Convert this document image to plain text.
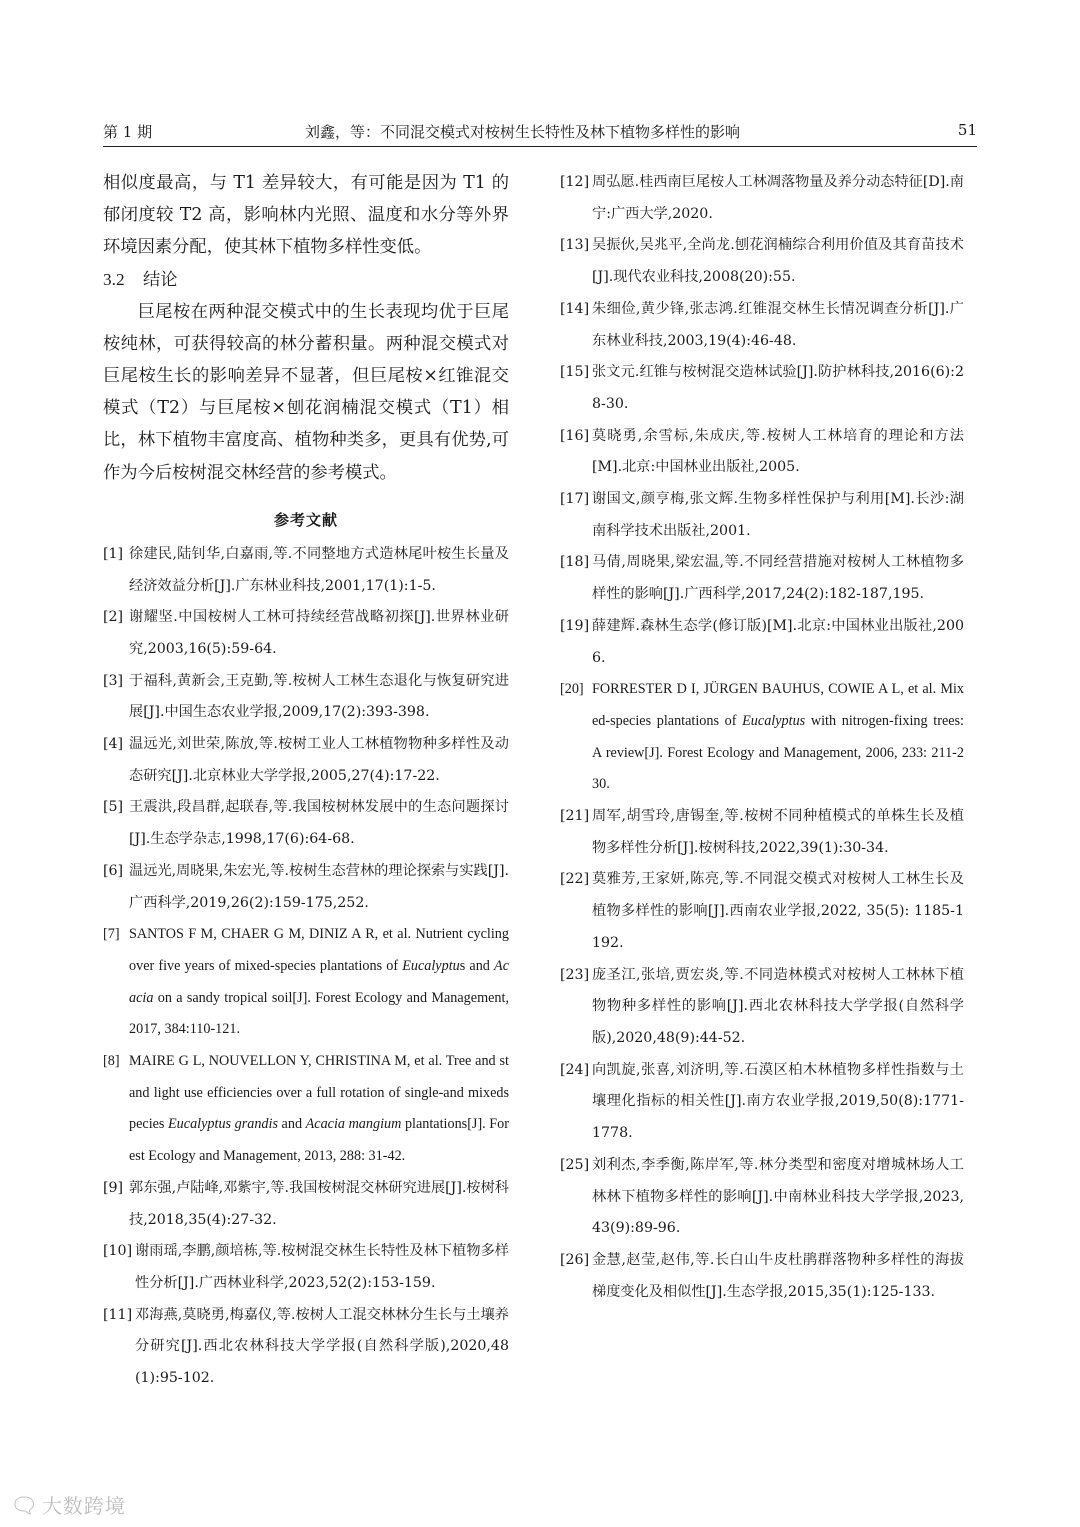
第 1 期	刘鑫，等：不同混交模式对桉树生长特性及林下植物多样性的影响	51

相似度最高，与 T1 差异较大，有可能是因为 T1 的郁闭度较 T2 高，影响林内光照、温度和水分等外界环境因素分配，使其林下植物多样性变低。

3.2 结论

巨尾桉在两种混交模式中的生长表现均优于巨尾桉纯林，可获得较高的林分蓄积量。两种混交模式对巨尾桉生长的影响差异不显著，但巨尾桉×红锥混交模式（T2）与巨尾桉×刨花润楠混交模式（T1）相比，林下植物丰富度高、植物种类多，更具有优势,可作为今后桉树混交林经营的参考模式。

参考文献
[1] 徐建民,陆钊华,白嘉雨,等.不同整地方式造林尾叶桉生长量及经济效益分析[J].广东林业科技,2001,17(1):1-5.
[2] 谢耀坚.中国桉树人工林可持续经营战略初探[J].世界林业研究,2003,16(5):59-64.
[3] 于福科,黄新会,王克勤,等.桉树人工林生态退化与恢复研究进展[J].中国生态农业学报,2009,17(2):393-398.
[4] 温远光,刘世荣,陈放,等.桉树工业人工林植物物种多样性及动态研究[J].北京林业大学学报,2005,27(4):17-22.
[5] 王震洪,段昌群,起联春,等.我国桉树林发展中的生态问题探讨[J].生态学杂志,1998,17(6):64-68.
[6] 温远光,周晓果,朱宏光,等.桉树生态营林的理论探索与实践[J].广西科学,2019,26(2):159-175,252.
[7] SANTOS F M, CHAER G M, DINIZ A R, et al. Nutrient cycling over five years of mixed-species plantations of Eucalyptus and Acacia on a sandy tropical soil[J]. Forest Ecology and Management, 2017, 384:110-121.
[8] MAIRE G L, NOUVELLON Y, CHRISTINA M, et al. Tree and stand light use efficiencies over a full rotation of single-and mixedspecies Eucalyptus grandis and Acacia mangium plantations[J]. Forest Ecology and Management, 2013, 288: 31-42.
[9] 郭东强,卢陆峰,邓紫宇,等.我国桉树混交林研究进展[J].桉树科技,2018,35(4):27-32.
[10] 谢雨瑶,李鹏,颜培栋,等.桉树混交林生长特性及林下植物多样性分析[J].广西林业科学,2023,52(2):153-159.
[11] 邓海燕,莫晓勇,梅嘉仪,等.桉树人工混交林林分生长与土壤养分研究[J].西北农林科技大学学报(自然科学版),2020,48(1):95-102.
[12] 周弘愿.桂西南巨尾桉人工林凋落物量及养分动态特征[D].南宁:广西大学,2020.
[13] 吴振伙,吴兆平,全尚龙.刨花润楠综合利用价值及其育苗技术[J].现代农业科技,2008(20):55.
[14] 朱细俭,黄少锋,张志鸿.红锥混交林生长情况调查分析[J].广东林业科技,2003,19(4):46-48.
[15] 张文元.红锥与桉树混交造林试验[J].防护林科技,2016(6):28-30.
[16] 莫晓勇,余雪标,朱成庆,等.桉树人工林培育的理论和方法[M].北京:中国林业出版社,2005.
[17] 谢国文,颜亨梅,张文辉.生物多样性保护与利用[M].长沙:湖南科学技术出版社,2001.
[18] 马倩,周晓果,梁宏温,等.不同经营措施对桉树人工林植物多样性的影响[J].广西科学,2017,24(2):182-187,195.
[19] 薛建辉.森林生态学(修订版)[M].北京:中国林业出版社,2006.
[20] FORRESTER D I, JÜRGEN BAUHUS, COWIE A L, et al. Mixed-species plantations of Eucalyptus with nitrogen-fixing trees: A review[J]. Forest Ecology and Management, 2006, 233: 211-230.
[21] 周军,胡雪玲,唐锡奎,等.桉树不同种植模式的单株生长及植物多样性分析[J].桉树科技,2022,39(1):30-34.
[22] 莫雅芳,王家妍,陈亮,等.不同混交模式对桉树人工林生长及植物多样性的影响[J].西南农业学报,2022, 35(5): 1185-1192.
[23] 庞圣江,张培,贾宏炎,等.不同造林模式对桉树人工林林下植物物种多样性的影响[J].西北农林科技大学学报(自然科学版),2020,48(9):44-52.
[24] 向凯旋,张喜,刘济明,等.石漠区柏木林植物多样性指数与土壤理化指标的相关性[J].南方农业学报,2019,50(8):1771-1778.
[25] 刘利杰,李季衡,陈岸军,等.林分类型和密度对增城林场人工林林下植物多样性的影响[J].中南林业科技大学学报,2023,43(9):89-96.
[26] 金慧,赵莹,赵伟,等.长白山牛皮杜鹃群落物种多样性的海拔梯度变化及相似性[J].生态学报,2015,35(1):125-133.
🗨 大数跨境
